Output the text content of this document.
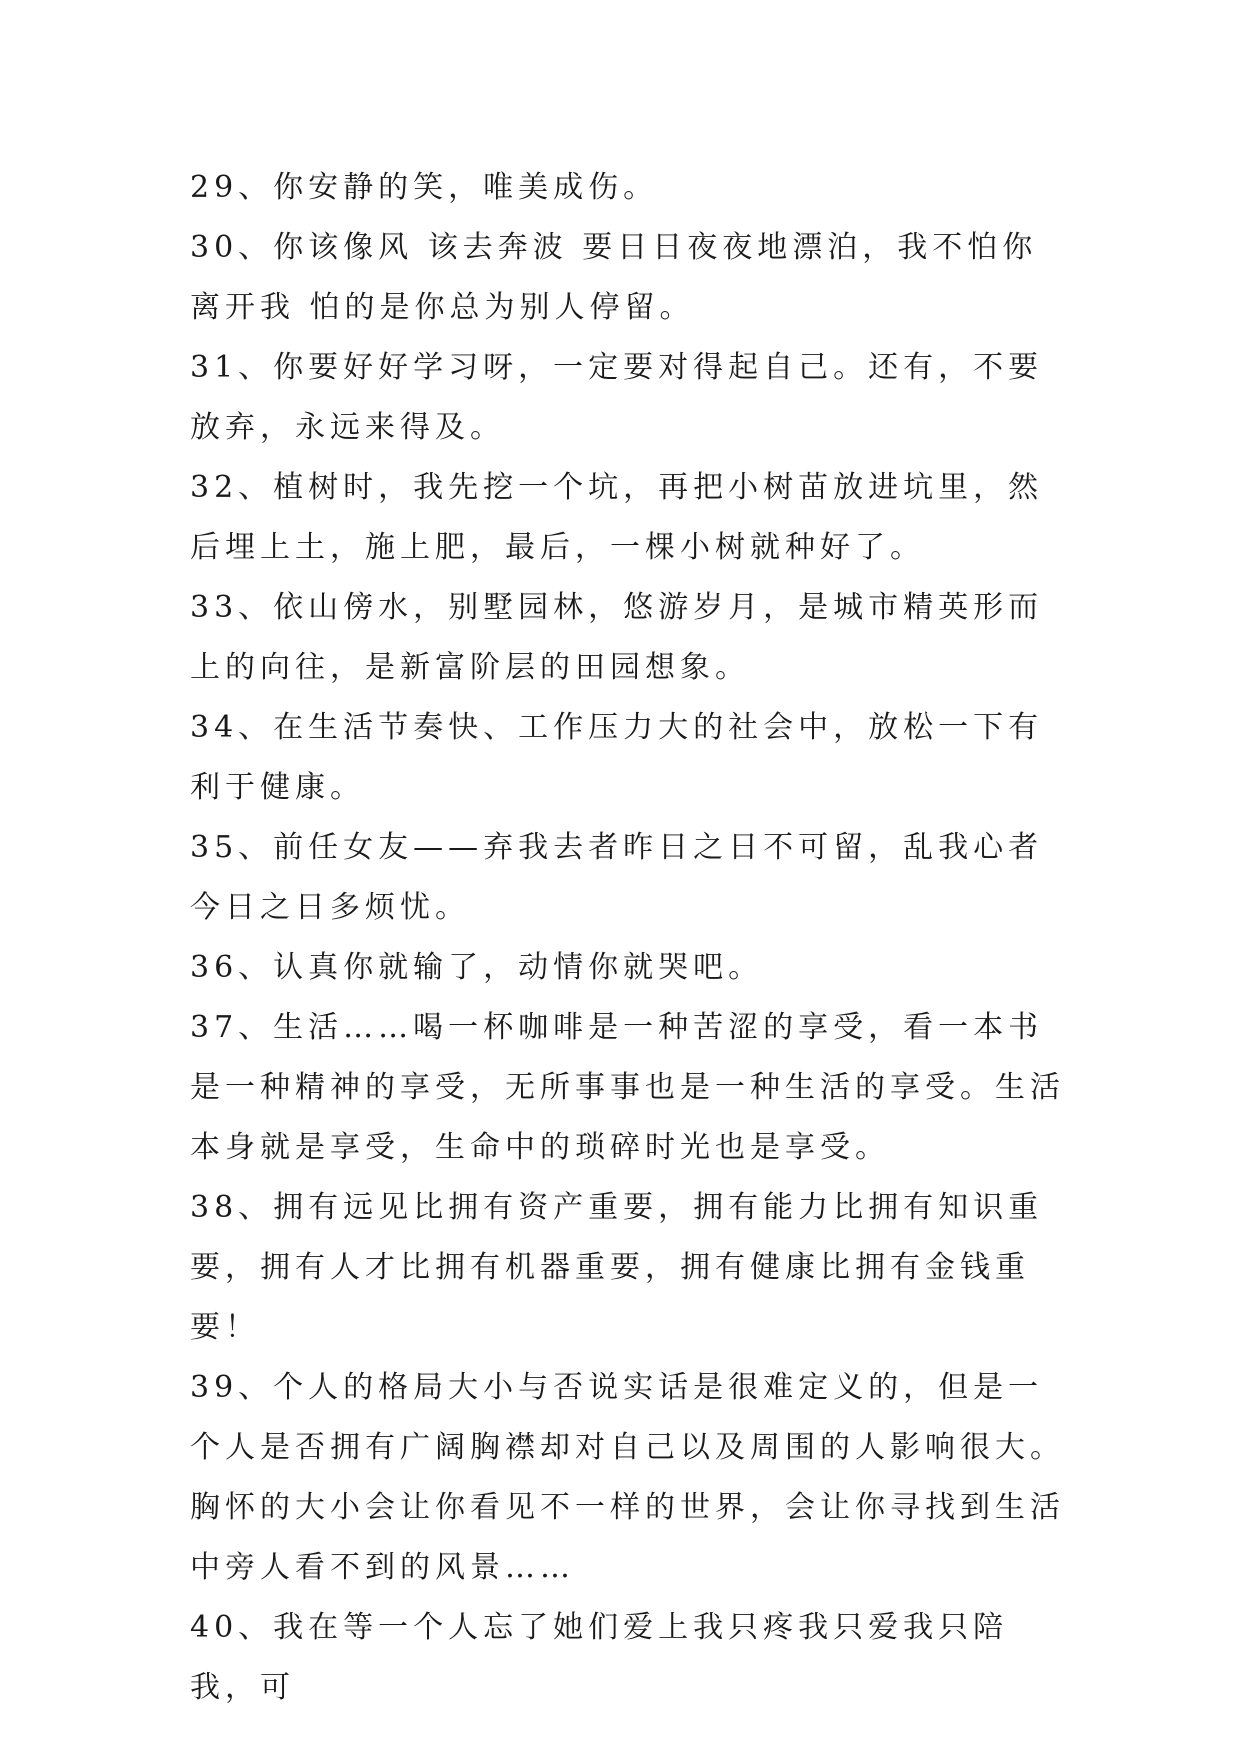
29、你安静的笑，唯美成伤。

30、你该像风 该去奔波 要日日夜夜地漂泊，我不怕你离开我 怕的是你总为别人停留。

31、你要好好学习呀，一定要对得起自己。还有，不要放弃，永远来得及。

32、植树时，我先挖一个坑，再把小树苗放进坑里，然后埋上土，施上肥，最后，一棵小树就种好了。

33、依山傍水，别墅园林，悠游岁月，是城市精英形而上的向往，是新富阶层的田园想象。

34、在生活节奏快、工作压力大的社会中，放松一下有利于健康。

35、前任女友——弃我去者昨日之日不可留，乱我心者今日之日多烦忧。

36、认真你就输了，动情你就哭吧。

37、生活……喝一杯咖啡是一种苦涩的享受，看一本书是一种精神的享受，无所事事也是一种生活的享受。生活本身就是享受，生命中的琐碎时光也是享受。

38、拥有远见比拥有资产重要，拥有能力比拥有知识重要，拥有人才比拥有机器重要，拥有健康比拥有金钱重要！

39、个人的格局大小与否说实话是很难定义的，但是一个人是否拥有广阔胸襟却对自己以及周围的人影响很大。胸怀的大小会让你看见不一样的世界，会让你寻找到生活中旁人看不到的风景……

40、我在等一个人忘了她们爱上我只疼我只爱我只陪我，可
